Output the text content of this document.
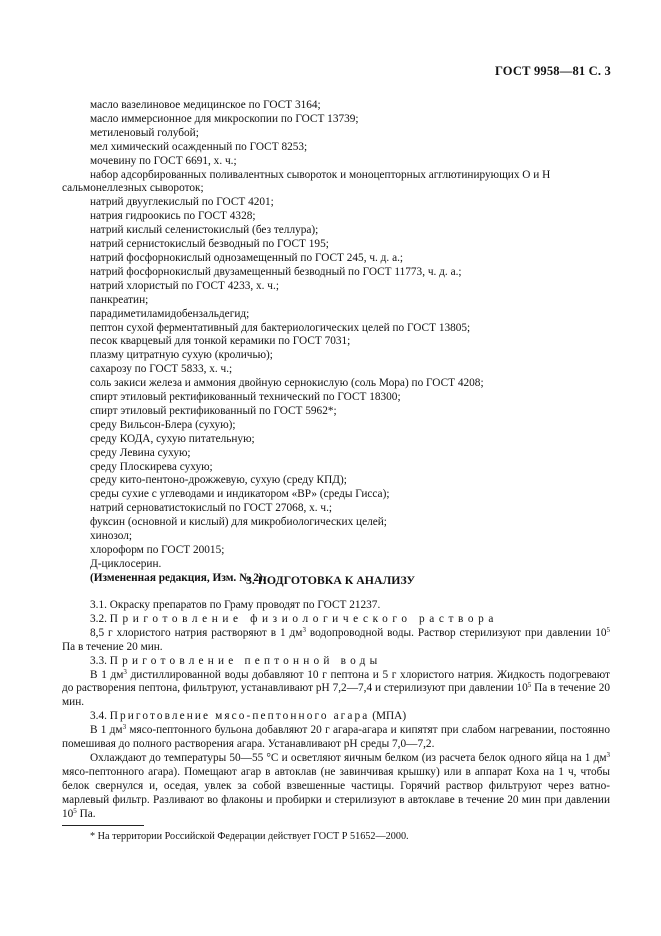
ГОСТ 9958—81 С. 3
масло вазелиновое медицинское по ГОСТ 3164;
масло иммерсионное для микроскопии по ГОСТ 13739;
метиленовый голубой;
мел химический осажденный по ГОСТ 8253;
мочевину по ГОСТ 6691, х. ч.;
набор адсорбированных поливалентных сывороток и моноцепторных агглютинирующих О и Н
сальмонеллезных сывороток;
натрий двууглекислый по ГОСТ 4201;
натрия гидроокись по ГОСТ 4328;
натрий кислый селенистокислый (без теллура);
натрий сернистокислый безводный по ГОСТ 195;
натрий фосфорнокислый однозамещенный по ГОСТ 245, ч. д. а.;
натрий фосфорнокислый двузамещенный безводный по ГОСТ 11773, ч. д. а.;
натрий хлористый по ГОСТ 4233, х. ч.;
панкреатин;
парадиметиламидобензальдегид;
пептон сухой ферментативный для бактериологических целей по ГОСТ 13805;
песок кварцевый для тонкой керамики по ГОСТ 7031;
плазму цитратную сухую (кроличью);
сахарозу по ГОСТ 5833, х. ч.;
соль закиси железа и аммония двойную сернокислую (соль Мора) по ГОСТ 4208;
спирт этиловый ректификованный технический по ГОСТ 18300;
спирт этиловый ректификованный по ГОСТ 5962*;
среду Вильсон-Блера (сухую);
среду КОДА, сухую питательную;
среду Левина сухую;
среду Плоскирева сухую;
среду кито-пентоно-дрожжевую, сухую (среду КПД);
среды сухие с углеводами и индикатором «ВР» (среды Гисса);
натрий серноватистокислый по ГОСТ 27068, х. ч.;
фуксин (основной и кислый) для микробиологических целей;
хинозол;
хлороформ по ГОСТ 20015;
Д-циклосерин.
(Измененная редакция, Изм. № 2).
3. ПОДГОТОВКА К АНАЛИЗУ
3.1. Окраску препаратов по Граму проводят по ГОСТ 21237.
3.2. Приготовление физиологического раствора
8,5 г хлористого натрия растворяют в 1 $дм^3$ водопроводной воды. Раствор стерилизуют при давлении $10^5$ Па в течение 20 мин.
3.3. Приготовление пептонной воды
В 1 $дм^3$ дистиллированной воды добавляют 10 г пептона и 5 г хлористого натрия. Жидкость подогревают до растворения пептона, фильтруют, устанавливают рН 7,2—7,4 и стерилизуют при давлении $10^5$ Па в течение 20 мин.
3.4. Приготовление мясо-пептонного агара (МПА)
В 1 $дм^3$ мясо-пептонного бульона добавляют 20 г агара-агара и кипятят при слабом нагревании, постоянно помешивая до полного растворения агара. Устанавливают рН среды 7,0—7,2.
Охлаждают до температуры 50—55 °С и осветляют яичным белком (из расчета белок одного яйца на 1 $дм^3$ мясо-пептонного агара). Помещают агар в автоклав (не завинчивая крышку) или в аппарат Коха на 1 ч, чтобы белок свернулся и, оседая, увлек за собой взвешенные частицы. Горячий раствор фильтруют через ватно-марлевый фильтр. Разливают во флаконы и пробирки и стерилизуют в автоклаве в течение 20 мин при давлении $10^5$ Па.
* На территории Российской Федерации действует ГОСТ Р 51652—2000.
